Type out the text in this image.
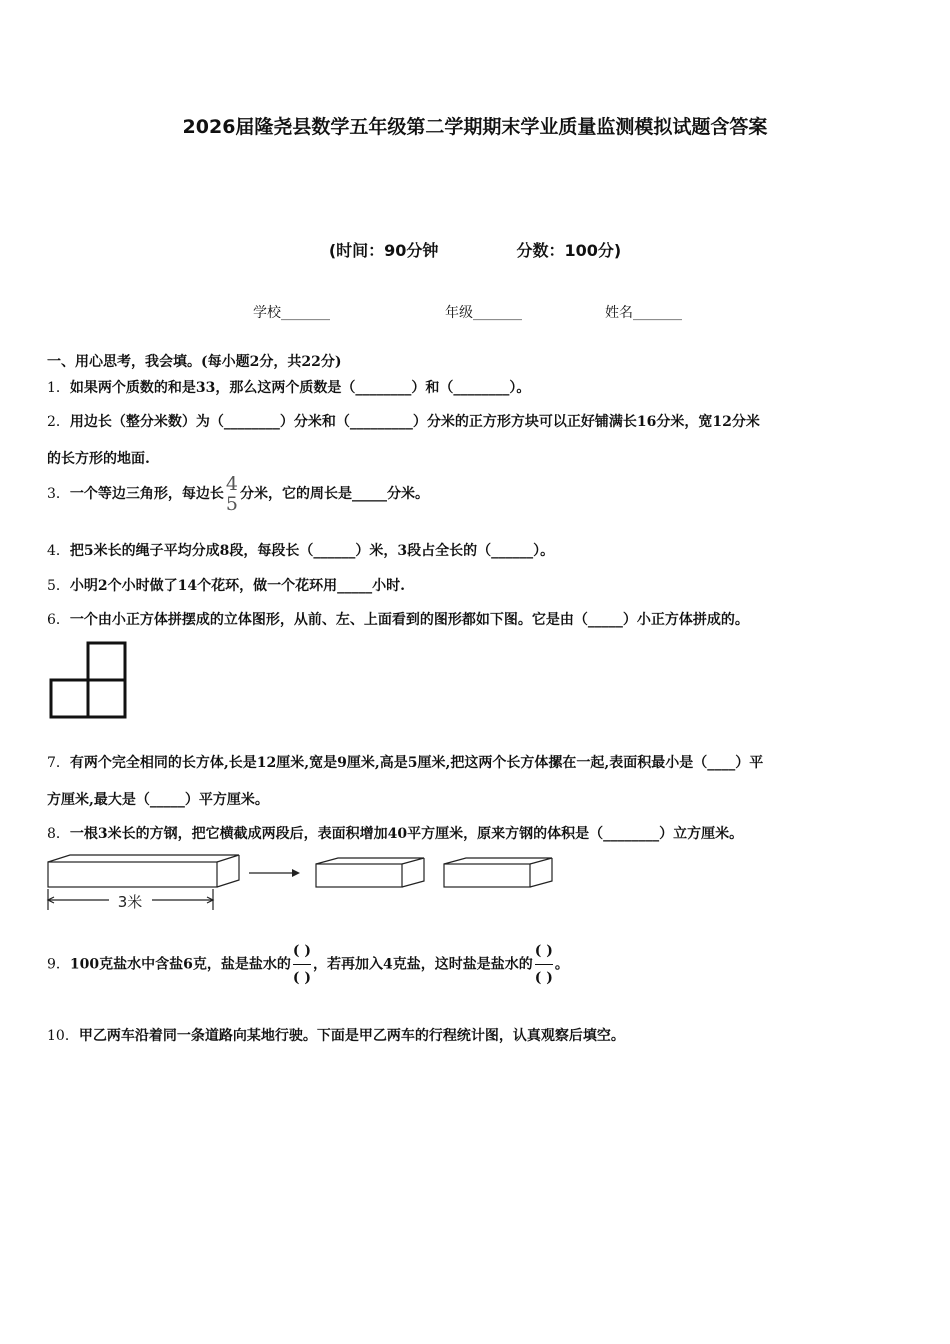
2026届隆尧县数学五年级第二学期期末学业质量监测模拟试题含答案
(时间：90分钟	分数：100分)
学校_______	年级_______	姓名_______
一、用心思考，我会填。(每小题2分，共22分)
1．如果两个质数的和是33，那么这两个质数是（________）和（________）。
2．用边长（整分米数）为（________）分米和（_________）分米的正方形方块可以正好铺满长16分米，宽12分米
的长方形的地面.
3．一个等边三角形，每边长 4
5 分米，它的周长是_____分米。
4．把5米长的绳子平均分成8段，每段长（______）米，3段占全长的（______）。
5．小明2个小时做了14个花环，做一个花环用_____小时.
6．一个由小正方体拼摆成的立体图形，从前、左、上面看到的图形都如下图。它是由（_____）小正方体拼成的。
7．有两个完全相同的长方体,长是12厘米,宽是9厘米,高是5厘米,把这两个长方体摞在一起,表面积最小是（____）平
方厘米,最大是（_____）平方厘米。
8．一根3米长的方钢，把它横截成两段后，表面积增加40平方厘米，原来方钢的体积是（________）立方厘米。
3米
9．100克盐水中含盐6克，盐是盐水的
( )
( )
，若再加入4克盐，这时盐是盐水的
( )
( )
。
10．甲乙两车沿着同一条道路向某地行驶。下面是甲乙两车的行程统计图，认真观察后填空。
